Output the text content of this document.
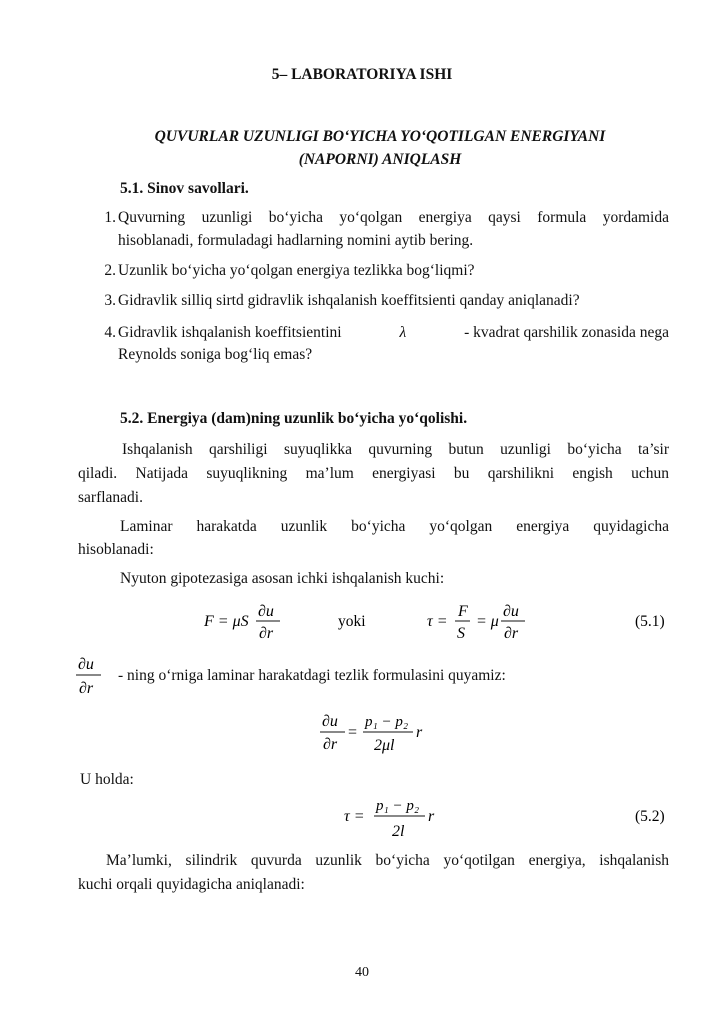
5– LABORATORIYA ISHI
QUVURLAR UZUNLIGI BO‘YICHA YO‘QOTILGAN ENERGIYANI
(NAPORNI) ANIQLASH
5.1. Sinov savollari.
1. Quvurning uzunligi bo‘yicha yo‘qolgan energiya qaysi formula yordamida
hisoblanadi, formuladagi hadlarning nomini aytib bering.
2. Uzunlik bo‘yicha yo‘qolgan energiya tezlikka bog‘liqmi?
3. Gidravlik silliq sirtd gidravlik ishqalanish koeffitsienti qanday aniqlanadi?
4. Gidravlik ishqalanish koeffitsientini	λ	- kvadrat qarshilik zonasida nega
Reynolds soniga bog‘liq emas?
5.2. Energiya (dam)ning uzunlik bo‘yicha yo‘qolishi.
Ishqalanish qarshiligi suyuqlikka quvurning butun uzunligi bo‘yicha ta’sir
qiladi. Natijada suyuqlikning ma’lum energiyasi bu qarshilikni engish uchun
sarflanadi.
Laminar harakatda uzunlik bo‘yicha yo‘qolgan energiya quyidagicha
hisoblanadi:
Nyuton gipotezasiga asosan ichki ishqalanish kuchi:
F = μS
∂u
∂r
yoki	τ =
F
S
= μ
∂u
∂r
(5.1)
∂u
∂r
- ning o‘rniga laminar harakatdagi tezlik formulasini quyamiz:
∂u
∂r
=
p₁ − p₂
2μl
r
U holda:
τ =
p₁ − p₂
2l
r	(5.2)
Ma’lumki, silindrik quvurda uzunlik bo‘yicha yo‘qotilgan energiya, ishqalanish
kuchi orqali quyidagicha aniqlanadi:
40
